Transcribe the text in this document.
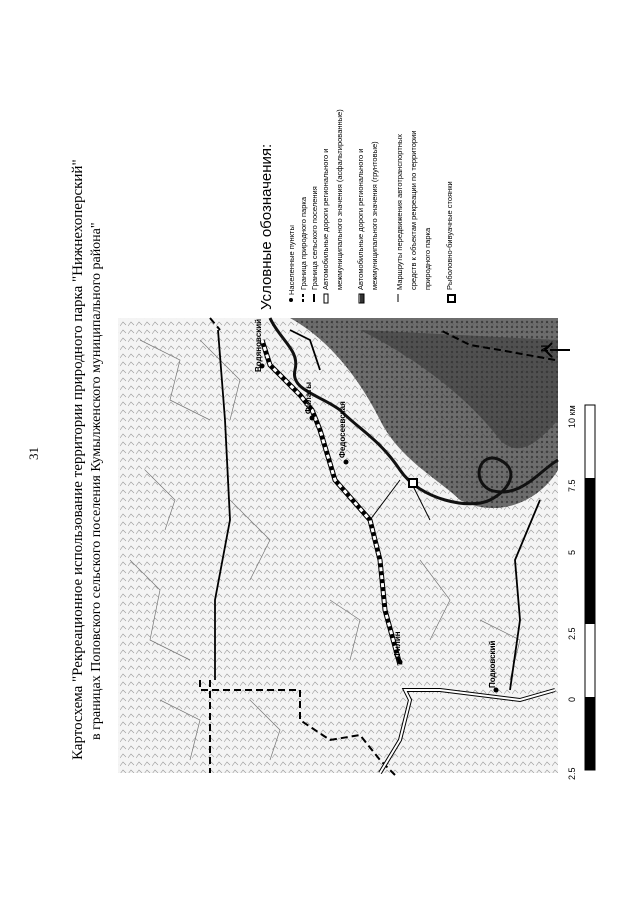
31 Картосхема "Рекреационное использование территории природного парка "Нижнехоперский" в границах Поповского сельского поселения Кумылженского муниципального района"	Водяновский
Филаты
Федосеевская
Филин	Подковский
2.5
0
2.5
5
7.5
10 км
N
Условные обозначения: Населенные пункты Граница природного парка Граница сельского поселения Автомобильные дороги регионального и межмуниципального значения (асфальтированные) Автомобильные дороги регионального и межмуниципального значения (грунтовые) Маршруты передвижения автотранспортных средств к объектам рекреации по территории природного парка Рыболовно-бивуачные стоянки
